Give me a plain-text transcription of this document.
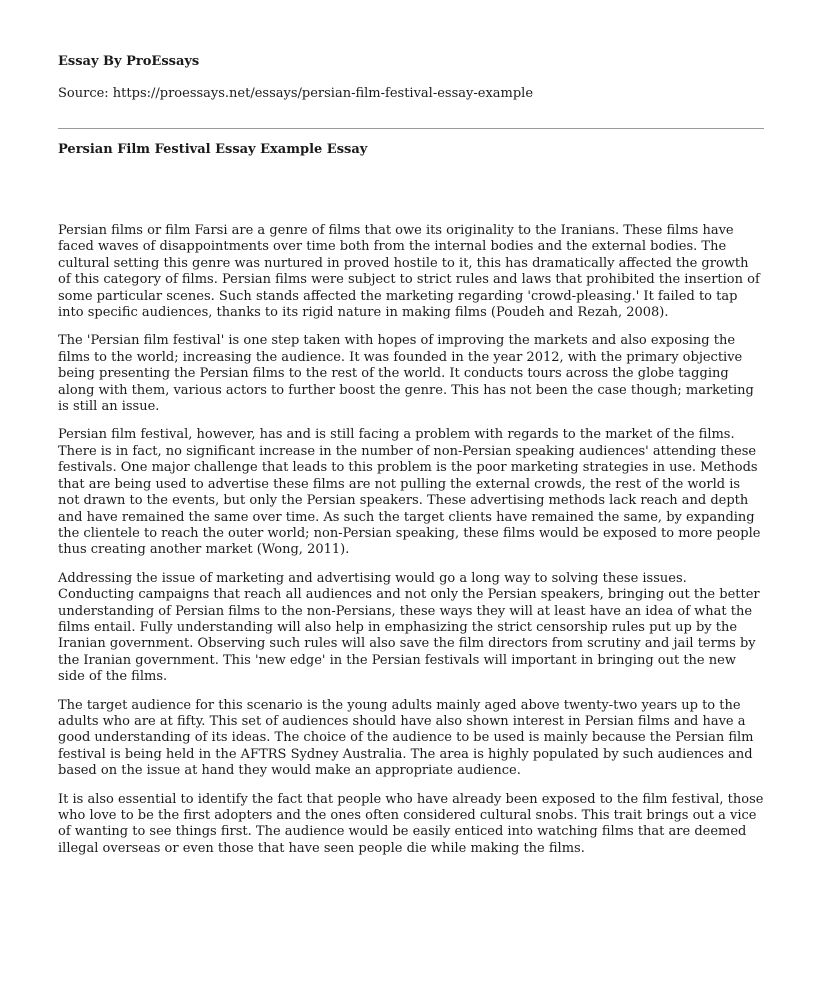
Essay By ProEssays

Source: https://proessays.net/essays/persian-film-festival-essay-example

Persian Film Festival Essay Example Essay

Persian films or film Farsi are a genre of films that owe its originality to the Iranians. These films have faced waves of disappointments over time both from the internal bodies and the external bodies. The cultural setting this genre was nurtured in proved hostile to it, this has dramatically affected the growth of this category of films. Persian films were subject to strict rules and laws that prohibited the insertion of some particular scenes. Such stands affected the marketing regarding 'crowd-pleasing.' It failed to tap into specific audiences, thanks to its rigid nature in making films (Poudeh and Rezah, 2008).

The 'Persian film festival' is one step taken with hopes of improving the markets and also exposing the films to the world; increasing the audience. It was founded in the year 2012, with the primary objective being presenting the Persian films to the rest of the world. It conducts tours across the globe tagging along with them, various actors to further boost the genre. This has not been the case though; marketing is still an issue.

Persian film festival, however, has and is still facing a problem with regards to the market of the films. There is in fact, no significant increase in the number of non-Persian speaking audiences' attending these festivals. One major challenge that leads to this problem is the poor marketing strategies in use. Methods that are being used to advertise these films are not pulling the external crowds, the rest of the world is not drawn to the events, but only the Persian speakers. These advertising methods lack reach and depth and have remained the same over time. As such the target clients have remained the same, by expanding the clientele to reach the outer world; non-Persian speaking, these films would be exposed to more people thus creating another market (Wong, 2011).

Addressing the issue of marketing and advertising would go a long way to solving these issues. Conducting campaigns that reach all audiences and not only the Persian speakers, bringing out the better understanding of Persian films to the non-Persians, these ways they will at least have an idea of what the films entail. Fully understanding will also help in emphasizing the strict censorship rules put up by the Iranian government. Observing such rules will also save the film directors from scrutiny and jail terms by the Iranian government. This 'new edge' in the Persian festivals will important in bringing out the new side of the films.

The target audience for this scenario is the young adults mainly aged above twenty-two years up to the adults who are at fifty. This set of audiences should have also shown interest in Persian films and have a good understanding of its ideas. The choice of the audience to be used is mainly because the Persian film festival is being held in the AFTRS Sydney Australia. The area is highly populated by such audiences and based on the issue at hand they would make an appropriate audience.

It is also essential to identify the fact that people who have already been exposed to the film festival, those who love to be the first adopters and the ones often considered cultural snobs. This trait brings out a vice of wanting to see things first. The audience would be easily enticed into watching films that are deemed illegal overseas or even those that have seen people die while making the films.
